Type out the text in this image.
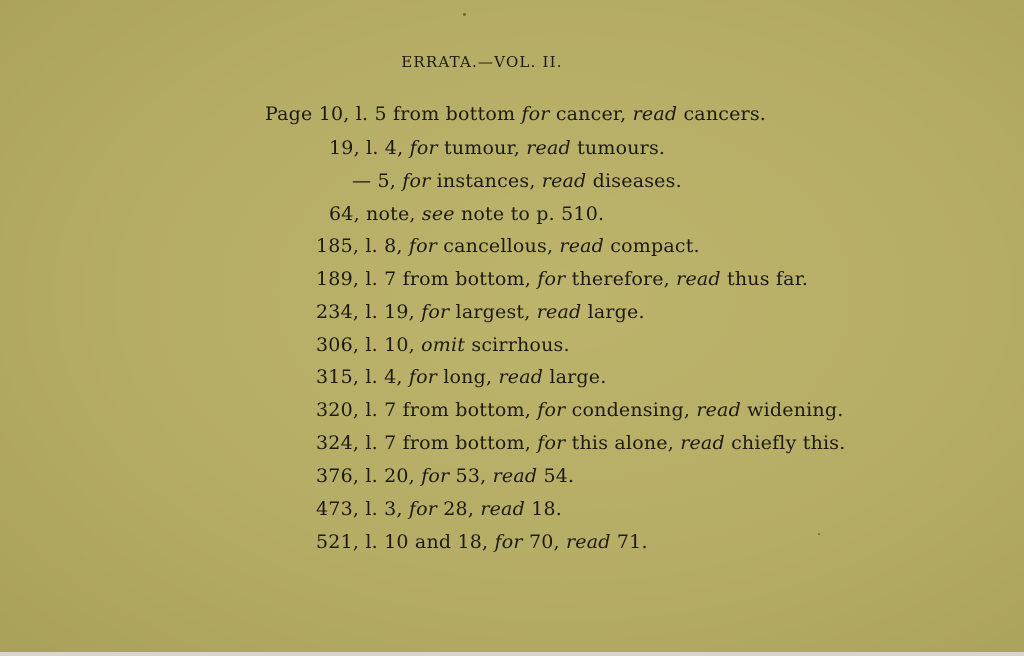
ERRATA.—VOL. II.
Page 10, l. 5 from bottom for cancer, read cancers.
19, l. 4, for tumour, read tumours.
— 5, for instances, read diseases.
64, note, see note to p. 510.
185, l. 8, for cancellous, read compact.
189, l. 7 from bottom, for therefore, read thus far.
234, l. 19, for largest, read large.
306, l. 10, omit scirrhous.
315, l. 4, for long, read large.
320, l. 7 from bottom, for condensing, read widening.
324, l. 7 from bottom, for this alone, read chiefly this.
376, l. 20, for 53, read 54.
473, l. 3, for 28, read 18.
521, l. 10 and 18, for 70, read 71.
